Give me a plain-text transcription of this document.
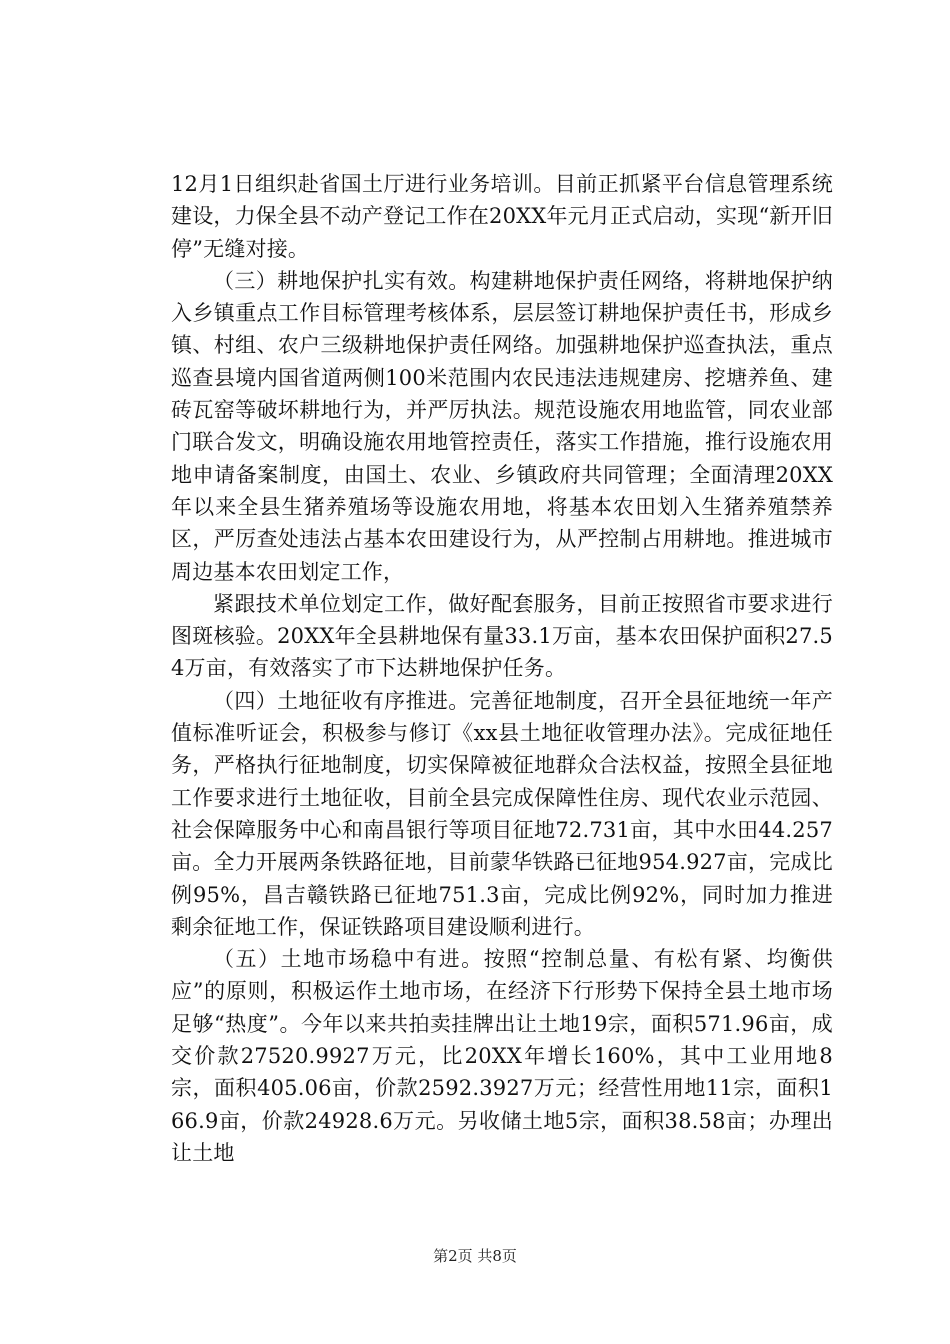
12月1日组织赴省国土厅进行业务培训。目前正抓紧平台信息管理系统建设，力保全县不动产登记工作在20XX年元月正式启动，实现“新开旧停”无缝对接。

（三）耕地保护扎实有效。构建耕地保护责任网络，将耕地保护纳入乡镇重点工作目标管理考核体系，层层签订耕地保护责任书，形成乡镇、村组、农户三级耕地保护责任网络。加强耕地保护巡查执法，重点巡查县境内国省道两侧100米范围内农民违法违规建房、挖塘养鱼、建砖瓦窑等破坏耕地行为，并严厉执法。规范设施农用地监管，同农业部门联合发文，明确设施农用地管控责任，落实工作措施，推行设施农用地申请备案制度，由国土、农业、乡镇政府共同管理；全面清理20XX年以来全县生猪养殖场等设施农用地，将基本农田划入生猪养殖禁养区，严厉查处违法占基本农田建设行为，从严控制占用耕地。推进城市周边基本农田划定工作，

紧跟技术单位划定工作，做好配套服务，目前正按照省市要求进行图斑核验。20XX年全县耕地保有量33.1万亩，基本农田保护面积27.54万亩，有效落实了市下达耕地保护任务。

（四）土地征收有序推进。完善征地制度，召开全县征地统一年产值标准听证会，积极参与修订《xx县土地征收管理办法》。完成征地任务，严格执行征地制度，切实保障被征地群众合法权益，按照全县征地工作要求进行土地征收，目前全县完成保障性住房、现代农业示范园、社会保障服务中心和南昌银行等项目征地72.731亩，其中水田44.257亩。全力开展两条铁路征地，目前蒙华铁路已征地954.927亩，完成比例95%，昌吉赣铁路已征地751.3亩，完成比例92%，同时加力推进剩余征地工作，保证铁路项目建设顺利进行。

（五）土地市场稳中有进。按照“控制总量、有松有紧、均衡供应”的原则，积极运作土地市场，在经济下行形势下保持全县土地市场足够“热度”。今年以来共拍卖挂牌出让土地19宗，面积571.96亩，成交价款27520.9927万元，比20XX年增长160%，其中工业用地8宗，面积405.06亩，价款2592.3927万元；经营性用地11宗，面积166.9亩，价款24928.6万元。另收储土地5宗，面积38.58亩；办理出让土地

第2页 共8页
